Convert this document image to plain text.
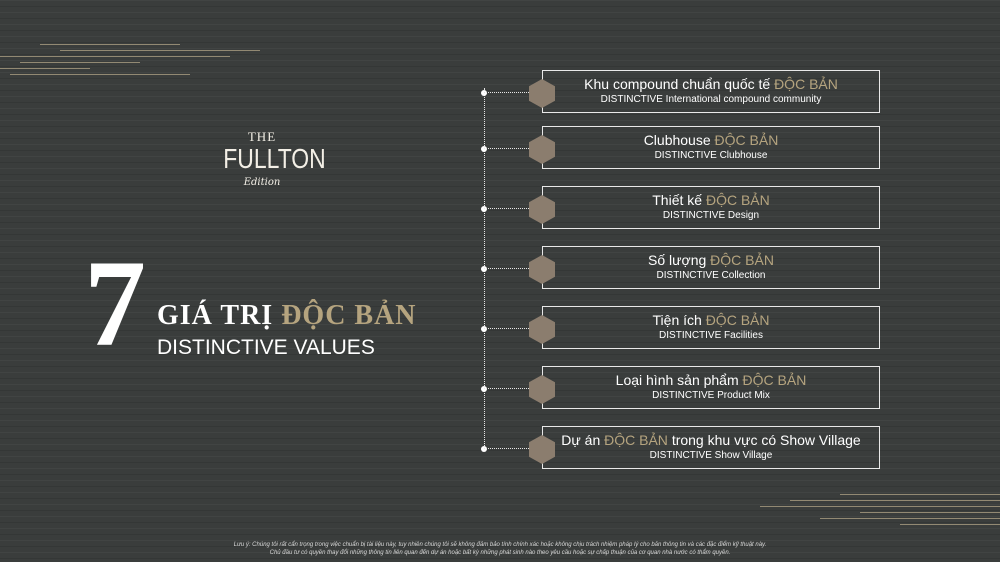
THE
FULLTON
Edition
7 GIÁ TRỊ ĐỘC BẢN
DISTINCTIVE VALUES
Khu compound chuẩn quốc tế ĐỘC BẢN
DISTINCTIVE International compound community
Clubhouse ĐỘC BẢN
DISTINCTIVE Clubhouse
Thiết kế ĐỘC BẢN
DISTINCTIVE Design
Số lượng ĐỘC BẢN
DISTINCTIVE Collection
Tiện ích ĐỘC BẢN
DISTINCTIVE Facilities
Loại hình sản phẩm ĐỘC BẢN
DISTINCTIVE Product Mix
Dự án ĐỘC BẢN trong khu vực có Show Village
DISTINCTIVE Show Village
Lưu ý: Chúng tôi rất cẩn trọng trong việc chuẩn bị tài liệu này, tuy nhiên chúng tôi sẽ không đảm bảo tính chính xác hoặc không chịu trách nhiệm pháp lý cho bản thông tin và các đặc điểm kỹ thuật này.
Chủ đầu tư có quyền thay đổi những thông tin liên quan đến dự án hoặc bất kỳ những phát sinh nào theo yêu cầu hoặc sự chấp thuận của cơ quan nhà nước có thẩm quyền.
